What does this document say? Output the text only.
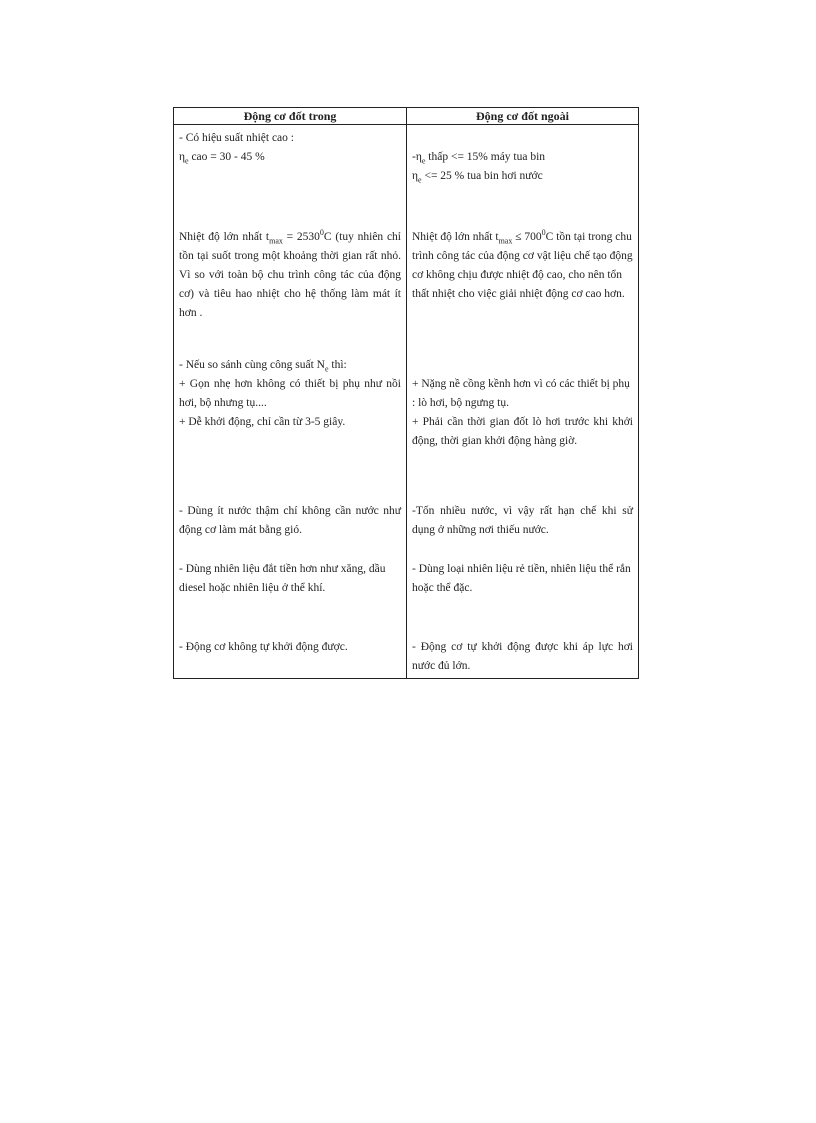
Động cơ đốt trong	Động cơ đốt ngoài

- Có hiệu suất nhiệt cao :
$\eta_e$ cao = 30 - 45 %	$-\eta_e$ thấp <= 15% máy tua bin
$\eta_e <= 25$ % tua bin hơi nước

Nhiệt độ lớn nhất $t_{max} = 2530^0C$ (tuy nhiên chỉ tồn tại suốt trong một khoảng thời gian rất nhỏ. Vì so với toàn bộ chu trình công tác của động cơ) và tiêu hao nhiệt cho hệ thống làm mát ít hơn .	Nhiệt độ lớn nhất $t_{max} \le 700^0C$ tồn tại trong chu trình công tác của động cơ vật liệu chế tạo động cơ không chịu được nhiệt độ cao, cho nên tổn thất nhiệt cho việc giải nhiệt động cơ cao hơn.

- Nếu so sánh cùng công suất $N_e$ thì:
+ Gọn nhẹ hơn không có thiết bị phụ như nồi hơi, bộ nhưng tụ....
+ Dễ khởi động, chỉ cần từ 3-5 giây.	+ Nặng nề cồng kềnh hơn vì có các thiết bị phụ : lò hơi, bộ ngưng tụ.
+ Phải cần thời gian đốt lò hơi trước khi khởi động, thời gian khởi động hàng giờ.

- Dùng ít nước thậm chí không cần nước như động cơ làm mát bằng gió.	-Tốn nhiều nước, vì vậy rất hạn chế khi sử dụng ở những nơi thiếu nước.

- Dùng nhiên liệu đắt tiền hơn như xăng, dầu diesel hoặc nhiên liệu ở thể khí.	- Dùng loại nhiên liệu rẻ tiền, nhiên liệu thể rắn hoặc thể đặc.

- Động cơ không tự khởi động được.	- Động cơ tự khởi động được khi áp lực hơi nước đủ lớn.
